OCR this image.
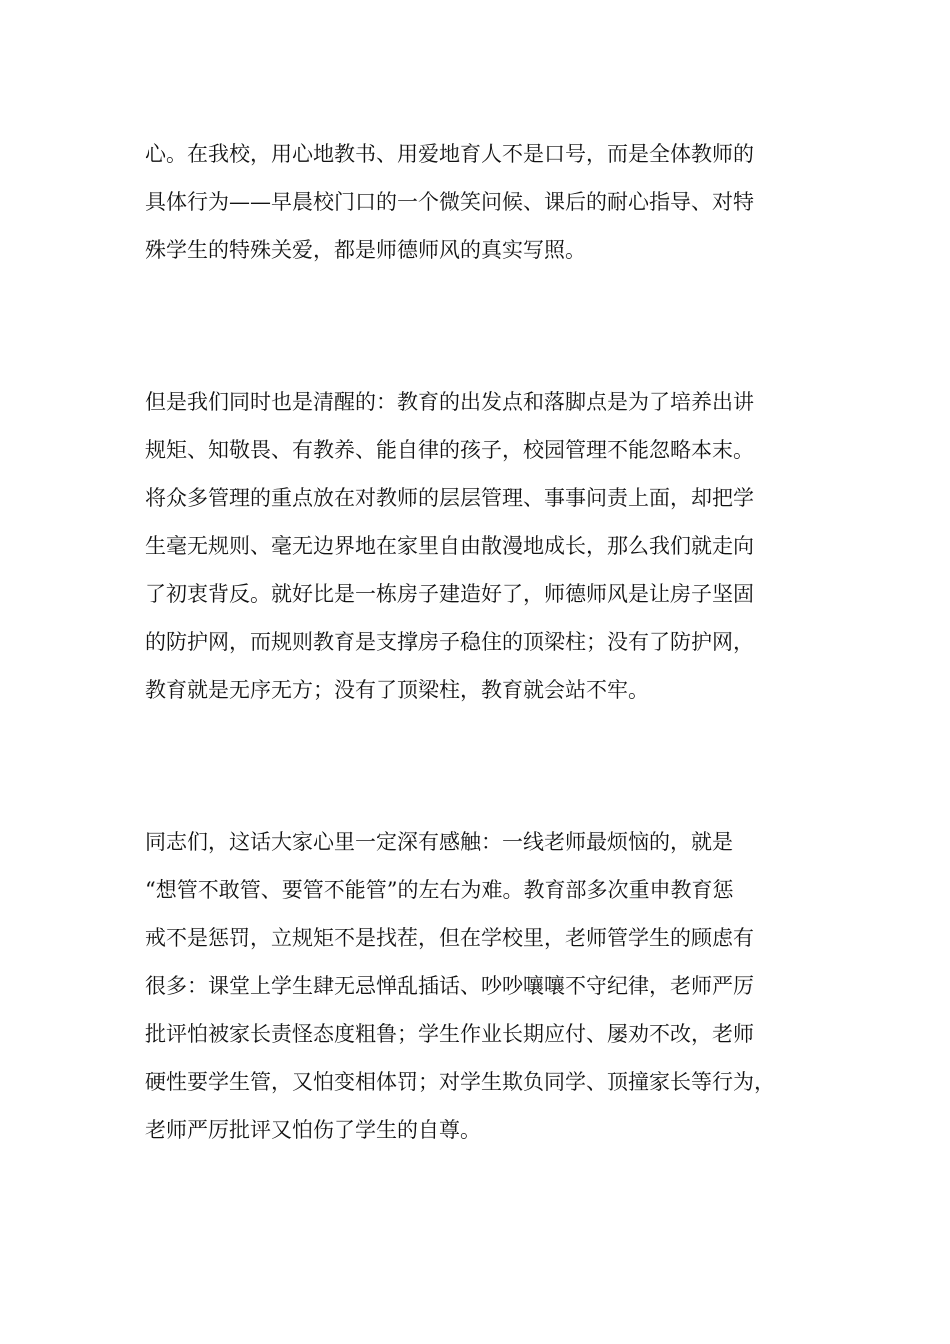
心。在我校，用心地教书、用爱地育人不是口号，而是全体教师的
具体行为——早晨校门口的一个微笑问候、课后的耐心指导、对特
殊学生的特殊关爱，都是师德师风的真实写照。
但是我们同时也是清醒的：教育的出发点和落脚点是为了培养出讲
规矩、知敬畏、有教养、能自律的孩子，校园管理不能忽略本末。
将众多管理的重点放在对教师的层层管理、事事问责上面，却把学
生毫无规则、毫无边界地在家里自由散漫地成长，那么我们就走向
了初衷背反。就好比是一栋房子建造好了，师德师风是让房子坚固
的防护网，而规则教育是支撑房子稳住的顶梁柱；没有了防护网，
教育就是无序无方；没有了顶梁柱，教育就会站不牢。
同志们，这话大家心里一定深有感触：一线老师最烦恼的，就是
“想管不敢管、要管不能管”的左右为难。教育部多次重申教育惩
戒不是惩罚，立规矩不是找茬，但在学校里，老师管学生的顾虑有
很多：课堂上学生肆无忌惮乱插话、吵吵嚷嚷不守纪律，老师严厉
批评怕被家长责怪态度粗鲁；学生作业长期应付、屡劝不改，老师
硬性要学生管，又怕变相体罚；对学生欺负同学、顶撞家长等行为，
老师严厉批评又怕伤了学生的自尊。
